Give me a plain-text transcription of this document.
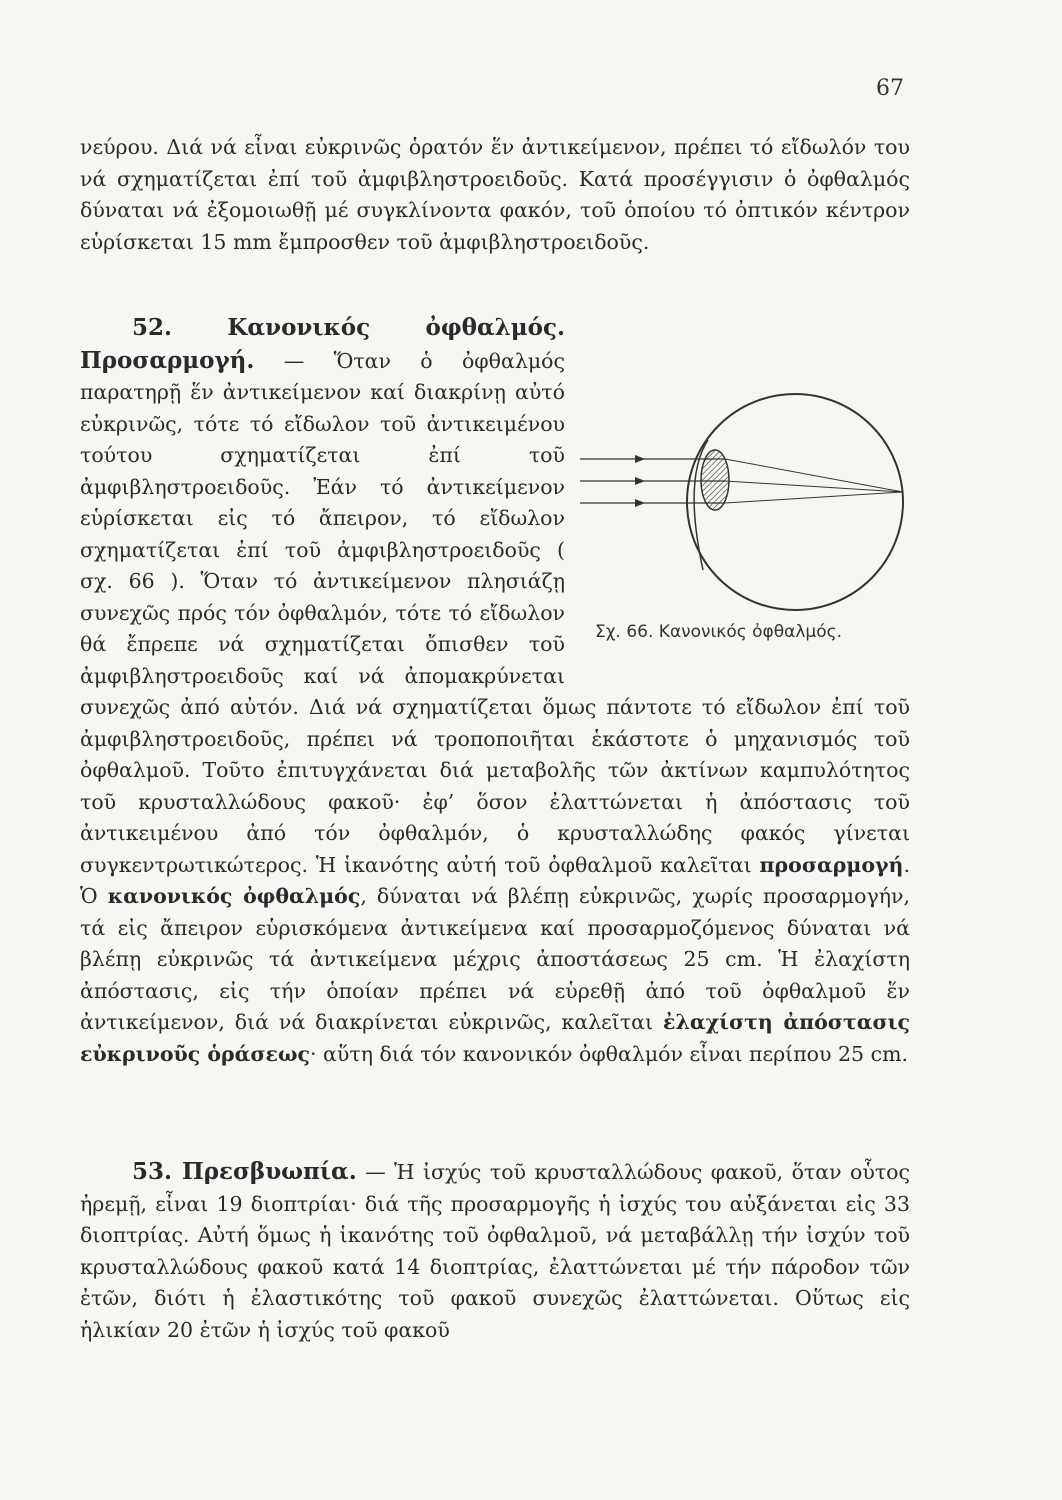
67
νεύρου. Διά νά εἶναι εὐκρινῶς ὁρατόν ἕν ἀντικείμενον, πρέπει τό εἴδωλόν του νά σχηματίζεται ἐπί τοῦ ἀμφιβληστροειδοῦς. Κατά προσέγγισιν ὁ ὀφθαλμός δύναται νά ἐξομοιωθῇ μέ συγκλίνοντα φακόν, τοῦ ὁποίου τό ὀπτικόν κέντρον εὑρίσκεται 15 mm ἔμπροσθεν τοῦ ἀμφιβληστροειδοῦς.
52. Κανονικός ὀφθαλμός. Προσαρμογή. — Ὅταν ὁ ὀφθαλμός παρατηρῇ ἕν ἀντικείμενον καί διακρίνῃ αὐτό εὐκρινῶς, τότε τό εἴδωλον τοῦ ἀντικειμένου τούτου σχηματίζεται ἐπί τοῦ ἀμφιβληστροειδοῦς. Ἐάν τό ἀντικείμενον εὑρίσκεται εἰς τό ἄπειρον, τό εἴδωλον σχηματίζεται ἐπί τοῦ ἀμφιβληστροειδοῦς ( σχ. 66 ). Ὅταν τό ἀντικείμενον πλησιάζῃ συνεχῶς πρός τόν ὀφθαλμόν, τότε τό εἴδωλον θά ἔπρεπε νά σχηματίζεται ὄπισθεν τοῦ ἀμφιβληστροειδοῦς καί νά ἀπομακρύνεται συνεχῶς ἀπό αὐτόν. Διά νά σχηματίζεται ὅμως πάντοτε τό εἴδωλον ἐπί τοῦ ἀμφιβληστροειδοῦς, πρέπει νά τροποποιῆται ἑκάστοτε ὁ μηχανισμός τοῦ ὀφθαλμοῦ. Τοῦτο ἐπιτυγχάνεται διά μεταβολῆς τῶν ἀκτίνων καμπυλότητος τοῦ κρυσταλλώδους φακοῦ· ἐφ’ ὅσον ἐλαττώνεται ἡ ἀπόστασις τοῦ ἀντικειμένου ἀπό τόν ὀφθαλμόν, ὁ κρυσταλλώδης φακός γίνεται συγκεντρωτικώτερος. Ἡ ἱκανότης αὐτή τοῦ ὀφθαλμοῦ καλεῖται προσαρμογή. Ὁ κανονικός ὀφθαλμός, δύναται νά βλέπῃ εὐκρινῶς, χωρίς προσαρμογήν, τά εἰς ἄπειρον εὑρισκόμενα ἀντικείμενα καί προσαρμοζόμενος δύναται νά βλέπῃ εὐκρινῶς τά ἀντικείμενα μέχρις ἀποστάσεως 25 cm. Ἡ ἐλαχίστη ἀπόστασις, εἰς τήν ὁποίαν πρέπει νά εὑρεθῇ ἀπό τοῦ ὀφθαλμοῦ ἕν ἀντικείμενον, διά νά διακρίνεται εὐκρινῶς, καλεῖται ἐλαχίστη ἀπόστασις εὐκρινοῦς ὁράσεως· αὕτη διά τόν κανονικόν ὀφθαλμόν εἶναι περίπου 25 cm.
Σχ. 66. Κανονικός ὀφθαλμός.
53. Πρεσβυωπία. — Ἡ ἰσχύς τοῦ κρυσταλλώδους φακοῦ, ὅταν οὗτος ἠρεμῇ, εἶναι 19 διοπτρίαι· διά τῆς προσαρμογῆς ἡ ἰσχύς του αὐξάνεται εἰς 33 διοπτρίας. Αὐτή ὅμως ἡ ἱκανότης τοῦ ὀφθαλμοῦ, νά μεταβάλλῃ τήν ἰσχύν τοῦ κρυσταλλώδους φακοῦ κατά 14 διοπτρίας, ἐλαττώνεται μέ τήν πάροδον τῶν ἐτῶν, διότι ἡ ἐλαστικότης τοῦ φακοῦ συνεχῶς ἐλαττώνεται. Οὕτως εἰς ἡλικίαν 20 ἐτῶν ἡ ἰσχύς τοῦ φακοῦ
